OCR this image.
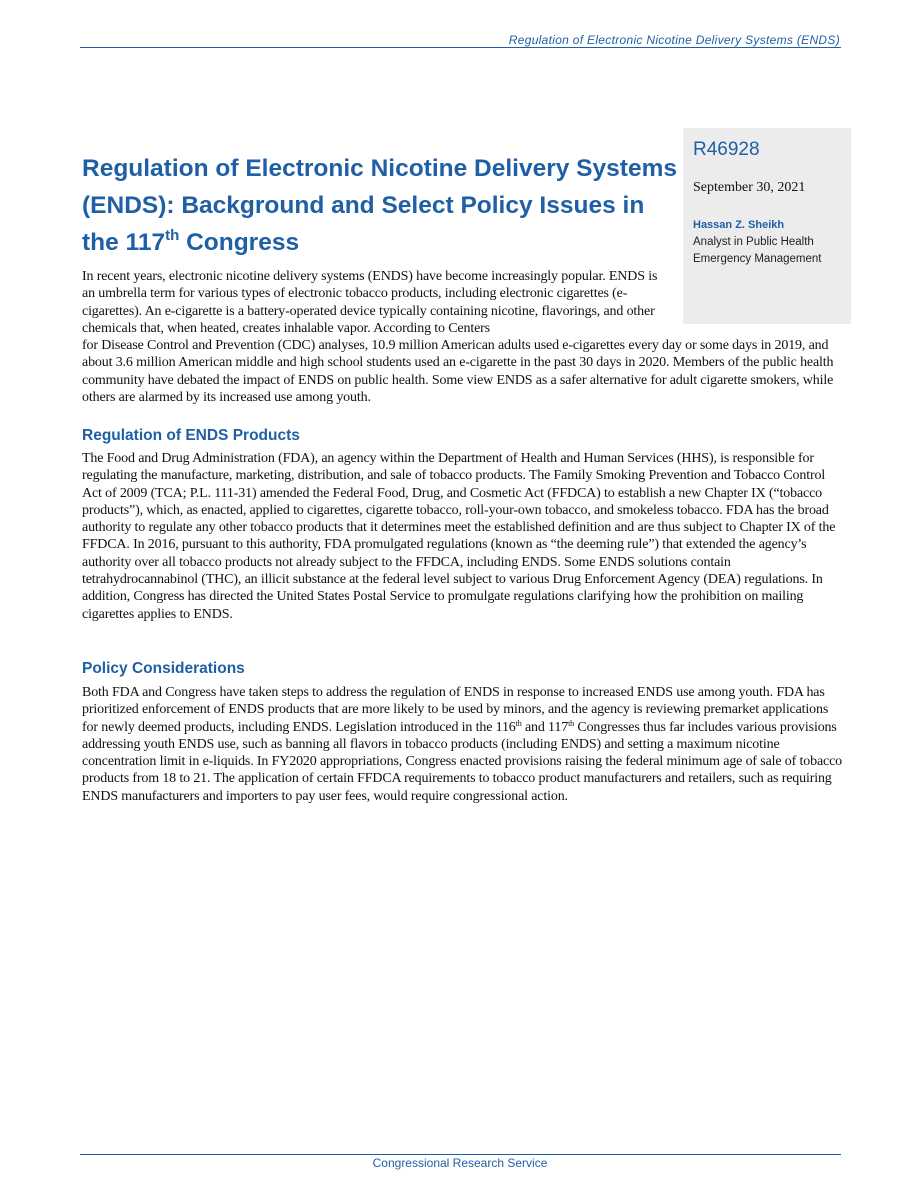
Regulation of Electronic Nicotine Delivery Systems (ENDS)
R46928
September 30, 2021
Hassan Z. Sheikh
Analyst in Public Health Emergency Management
Regulation of Electronic Nicotine Delivery Systems (ENDS): Background and Select Policy Issues in the 117th Congress

In recent years, electronic nicotine delivery systems (ENDS) have become increasingly popular. ENDS is an umbrella term for various types of electronic tobacco products, including electronic cigarettes (e-cigarettes). An e-cigarette is a battery-operated device typically containing nicotine, flavorings, and other chemicals that, when heated, creates inhalable vapor. According to Centers
for Disease Control and Prevention (CDC) analyses, 10.9 million American adults used e-cigarettes every day or some days in 2019, and about 3.6 million American middle and high school students used an e-cigarette in the past 30 days in 2020. Members of the public health community have debated the impact of ENDS on public health. Some view ENDS as a safer alternative for adult cigarette smokers, while others are alarmed by its increased use among youth.

Regulation of ENDS Products

The Food and Drug Administration (FDA), an agency within the Department of Health and Human Services (HHS), is responsible for regulating the manufacture, marketing, distribution, and sale of tobacco products. The Family Smoking Prevention and Tobacco Control Act of 2009 (TCA; P.L. 111-31) amended the Federal Food, Drug, and Cosmetic Act (FFDCA) to establish a new Chapter IX (“tobacco products”), which, as enacted, applied to cigarettes, cigarette tobacco, roll-your-own tobacco, and smokeless tobacco. FDA has the broad authority to regulate any other tobacco products that it determines meet the established definition and are thus subject to Chapter IX of the FFDCA. In 2016, pursuant to this authority, FDA promulgated regulations (known as “the deeming rule”) that extended the agency’s authority over all tobacco products not already subject to the FFDCA, including ENDS. Some ENDS solutions contain tetrahydrocannabinol (THC), an illicit substance at the federal level subject to various Drug Enforcement Agency (DEA) regulations. In addition, Congress has directed the United States Postal Service to promulgate regulations clarifying how the prohibition on mailing cigarettes applies to ENDS.

Policy Considerations

Both FDA and Congress have taken steps to address the regulation of ENDS in response to increased ENDS use among youth. FDA has prioritized enforcement of ENDS products that are more likely to be used by minors, and the agency is reviewing premarket applications for newly deemed products, including ENDS. Legislation introduced in the 116th and 117th Congresses thus far includes various provisions addressing youth ENDS use, such as banning all flavors in tobacco products (including ENDS) and setting a maximum nicotine concentration limit in e-liquids. In FY2020 appropriations, Congress enacted provisions raising the federal minimum age of sale of tobacco products from 18 to 21. The application of certain FFDCA requirements to tobacco product manufacturers and retailers, such as requiring ENDS manufacturers and importers to pay user fees, would require congressional action.

Congressional Research Service
